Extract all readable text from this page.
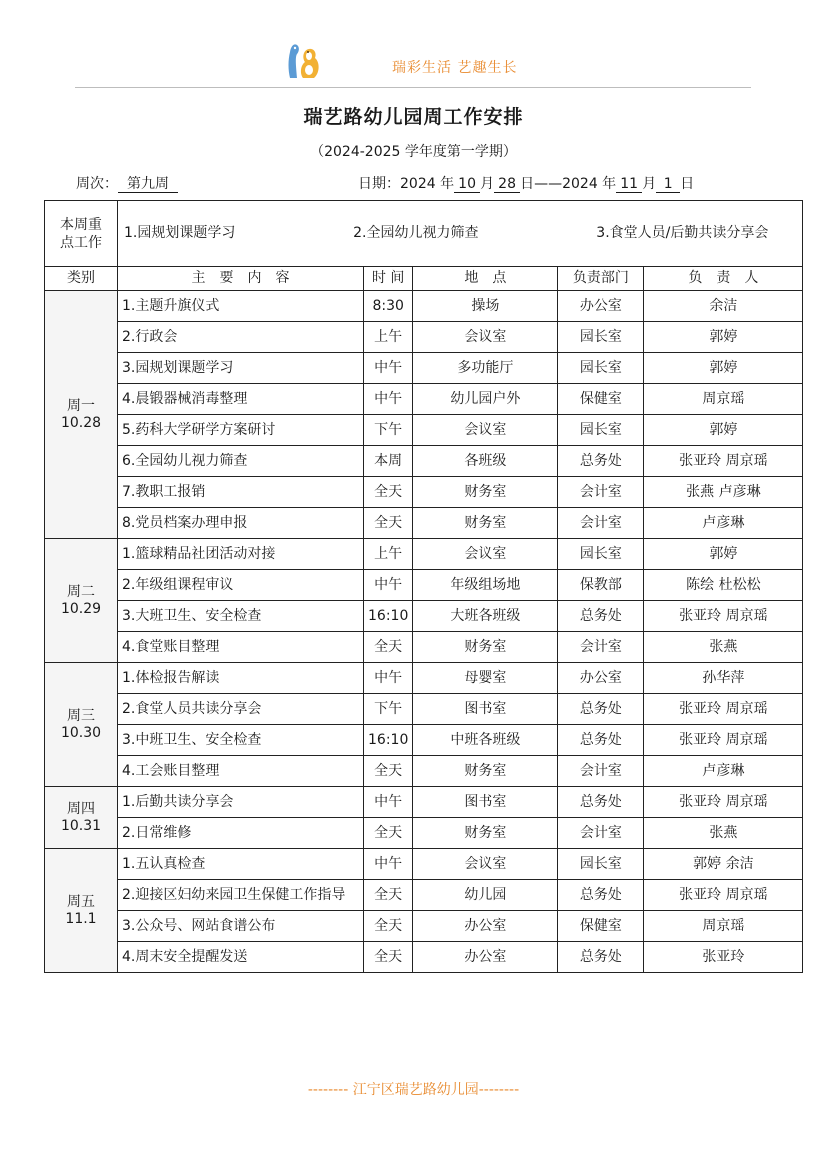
瑞彩生活 艺趣生长
瑞艺路幼儿园周工作安排
（2024-2025 学年度第一学期）
周次： 第九周	日期：2024 年 10 月 28 日——2024 年 11 月 1 日
本周重点工作	1.园规划课题学习 2.全园幼儿视力筛查 3.食堂人员/后勤共读分享会				

类别	主　要　内　容	时 间	地　点	负责部门	负　责　人

周一
10.28	1.主题升旗仪式	8:30	操场	办公室	余洁
	2.行政会	上午	会议室	园长室	郭婷
	3.园规划课题学习	中午	多功能厅	园长室	郭婷
	4.晨锻器械消毒整理	中午	幼儿园户外	保健室	周京瑶
	5.药科大学研学方案研讨	下午	会议室	园长室	郭婷
	6.全园幼儿视力筛查	本周	各班级	总务处	张亚玲 周京瑶
	7.教职工报销	全天	财务室	会计室	张燕 卢彦琳
	8.党员档案办理申报	全天	财务室	会计室	卢彦琳

周二
10.29	1.篮球精品社团活动对接	上午	会议室	园长室	郭婷
	2.年级组课程审议	中午	年级组场地	保教部	陈绘 杜松松
	3.大班卫生、安全检查	16:10	大班各班级	总务处	张亚玲 周京瑶
	4.食堂账目整理	全天	财务室	会计室	张燕

周三
10.30	1.体检报告解读	中午	母婴室	办公室	孙华萍
	2.食堂人员共读分享会	下午	图书室	总务处	张亚玲 周京瑶
	3.中班卫生、安全检查	16:10	中班各班级	总务处	张亚玲 周京瑶
	4.工会账目整理	全天	财务室	会计室	卢彦琳

周四
10.31	1.后勤共读分享会	中午	图书室	总务处	张亚玲 周京瑶
	2.日常维修	全天	财务室	会计室	张燕

周五
11.1	1.五认真检查	中午	会议室	园长室	郭婷 余洁
	2.迎接区妇幼来园卫生保健工作指导	全天	幼儿园	总务处	张亚玲 周京瑶
	3.公众号、网站食谱公布	全天	办公室	保健室	周京瑶
	4.周末安全提醒发送	全天	办公室	总务处	张亚玲
-------- 江宁区瑞艺路幼儿园--------
